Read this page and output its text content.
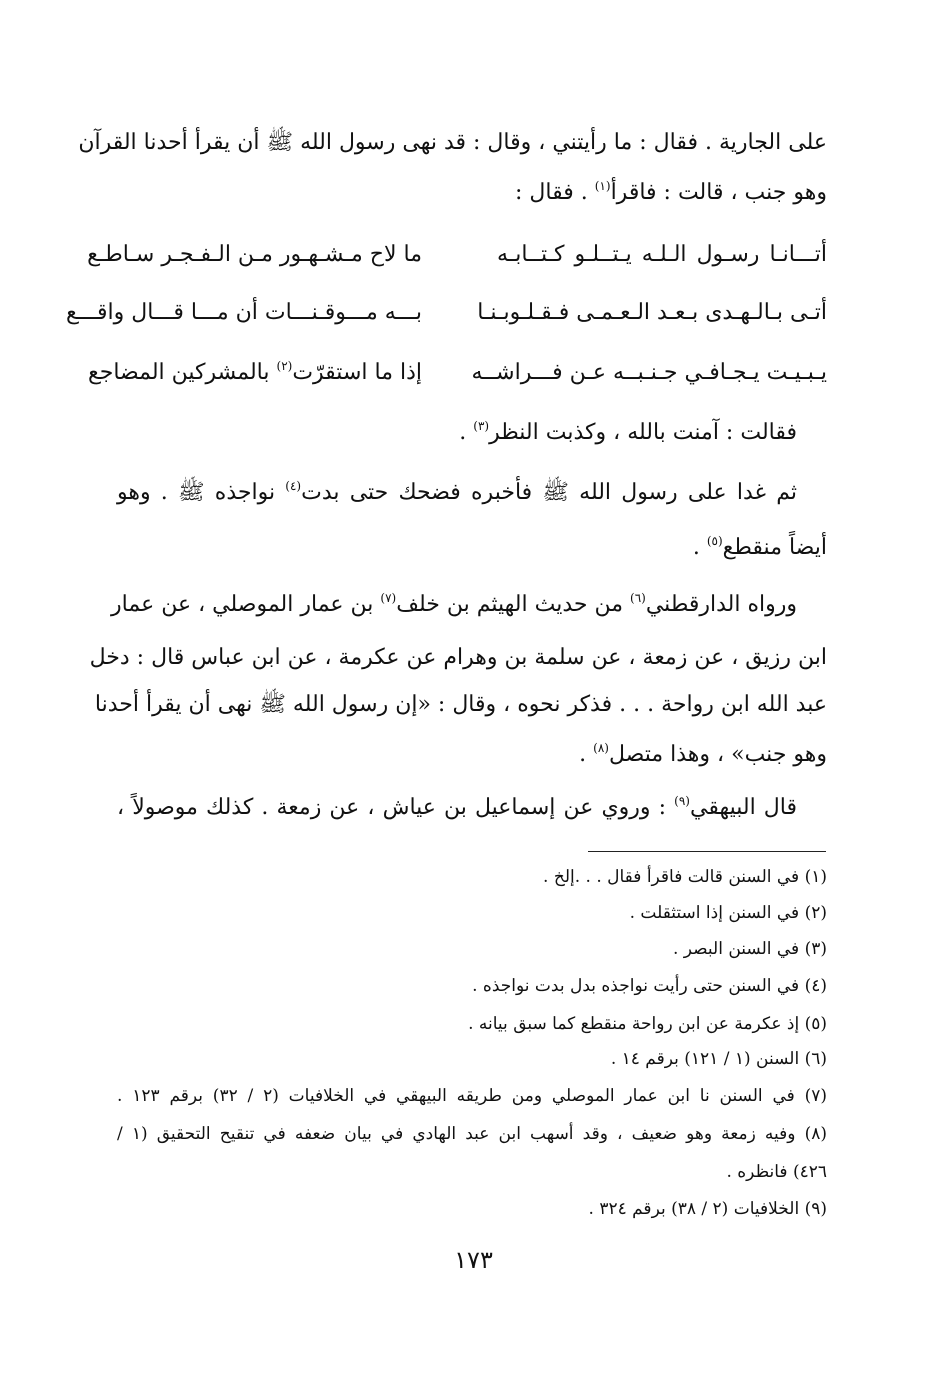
على الجارية . فقال : ما رأيتني ، وقال : قد نهى رسول الله ﷺ أن يقرأ أحدنا القرآن
وهو جنب ، قالت : فاقرأ$^{(١)}$ . فقال :
أتـــانـا رسـول الـلـه يـتــلـو كـتــابـه
ما لاح مـشـهـور مـن الـفـجـر سـاطـع
أتـى بـالـهـدى بـعـد الـعـمـى فـقـلـوبـنـا
بـــه مـــوقـنـــات أن مـــا قـــال واقـــع
يـبـيـت يـجـافـي جـنـبــه عـن فـــراشــه
إذا ما استقرّت$^{(٢)}$ بالمشركين المضاجع
فقالت : آمنت بالله ، وكذبت النظر$^{(٣)}$ .
ثم غدا على رسول الله ﷺ فأخبره فضحك حتى بدت$^{(٤)}$ نواجذه ﷺ . وهو
أيضاً منقطع$^{(٥)}$ .
ورواه الدارقطني$^{(٦)}$ من حديث الهيثم بن خلف$^{(٧)}$ بن عمار الموصلي ، عن عمار
ابن رزيق ، عن زمعة ، عن سلمة بن وهرام عن عكرمة ، عن ابن عباس قال : دخل
عبد الله ابن رواحة . . . فذكر نحوه ، وقال : «إن رسول الله ﷺ نهى أن يقرأ أحدنا
وهو جنب» ، وهذا متصل$^{(٨)}$ .
قال البيهقي$^{(٩)}$ : وروي عن إسماعيل بن عياش ، عن زمعة . كذلك موصولاً ،
(١) في السنن قالت فاقرأ فقال . . .إلخ .
(٢) في السنن إذا استثقلت .
(٣) في السنن البصر .
(٤) في السنن حتى رأيت نواجذه بدل بدت نواجذه .
(٥) إذ عكرمة عن ابن رواحة منقطع كما سبق بيانه .
(٦) السنن (١ / ١٢١) برقم ١٤ .
(٧) في السنن نا ابن عمار الموصلي ومن طريقه البيهقي في الخلافيات (٢ / ٣٢) برقم ١٢٣ .
(٨) وفيه زمعة وهو ضعيف ، وقد أسهب ابن عبد الهادي في بيان ضعفه في تنقيح التحقيق (١ /
٤٢٦) فانظره .
(٩) الخلافيات (٢ / ٣٨) برقم ٣٢٤ .
١٧٣
